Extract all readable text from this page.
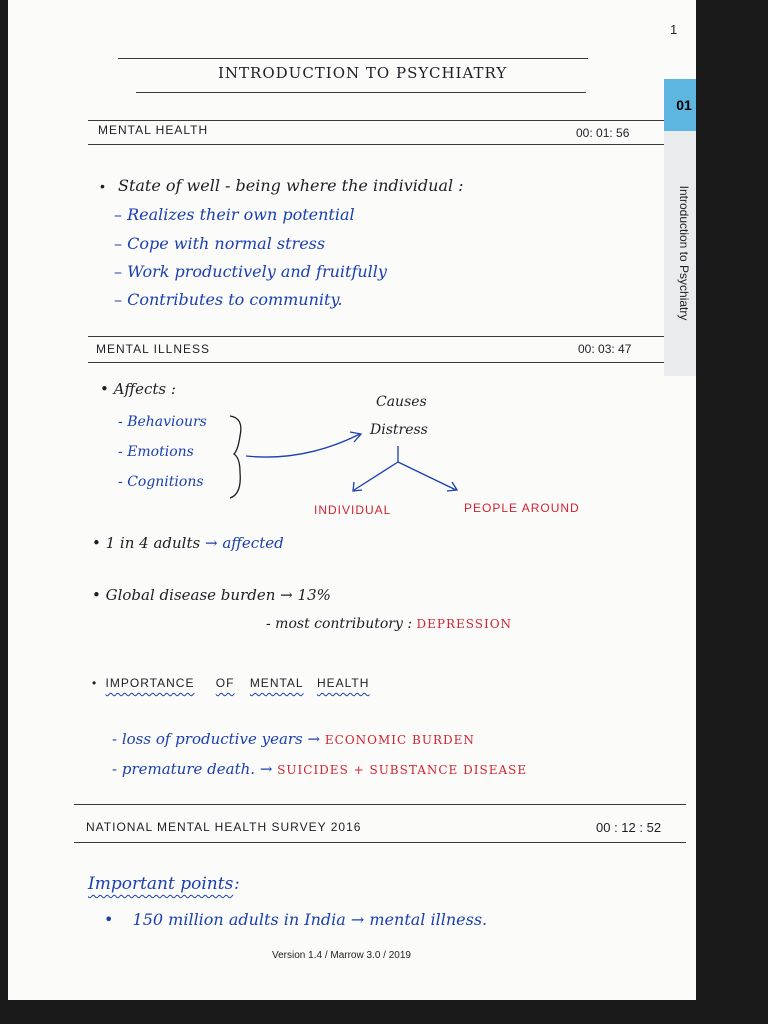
1
INTRODUCTION TO PSYCHIATRY
MENTAL HEALTH	00: 01: 56
• State of well - being where the individual :
– Realizes their own potential
– Cope with normal stress
– Work productively and fruitfully
– Contributes to community.
MENTAL ILLNESS	00: 03: 47
• Affects :
- Behaviours
- Emotions
- Cognitions
Causes
Distress
INDIVIDUAL	PEOPLE AROUND
• 1 in 4 adults → affected
• Global disease burden → 13%
- most contributory : DEPRESSION
• IMPORTANCE OF MENTAL HEALTH
- loss of productive years → ECONOMIC BURDEN
- premature death. → SUICIDES + SUBSTANCE DISEASE
NATIONAL MENTAL HEALTH SURVEY 2016	00 : 12 : 52
Important points :
• 150 million adults in India → mental illness.
Version 1.4 / Marrow 3.0 / 2019
01
Introduction to Psychiatry
